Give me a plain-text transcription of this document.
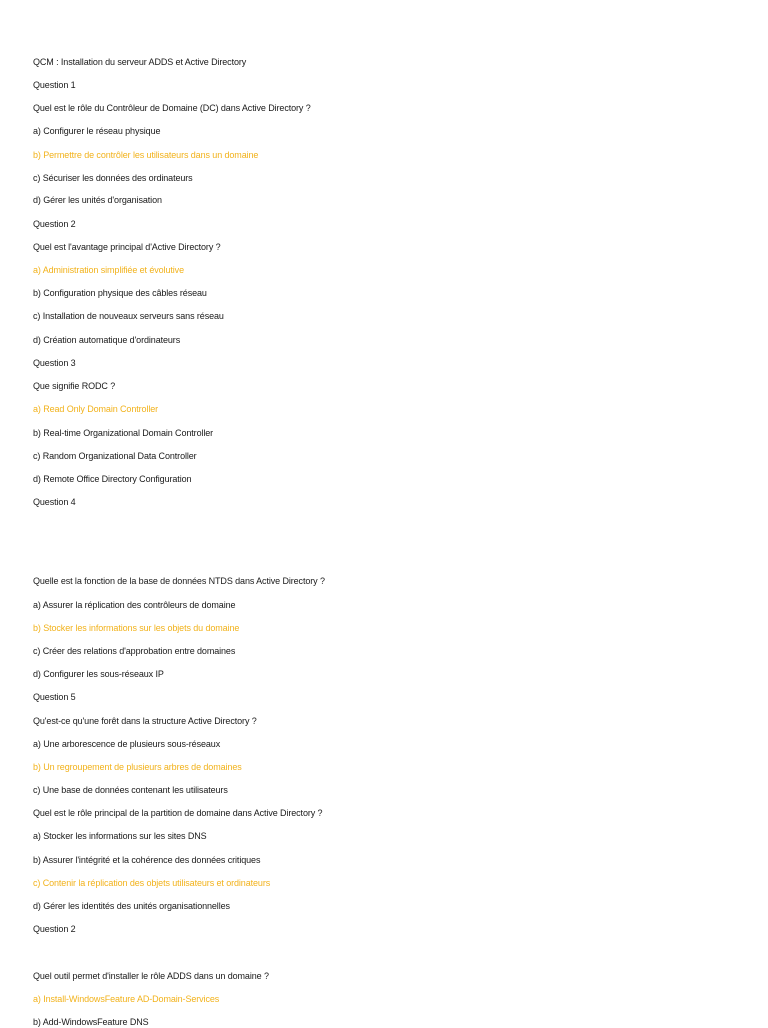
QCM : Installation du serveur ADDS et Active Directory
Question 1
Quel est le rôle du Contrôleur de Domaine (DC) dans Active Directory ?
a) Configurer le réseau physique
b) Permettre de contrôler les utilisateurs dans un domaine
c) Sécuriser les données des ordinateurs
d) Gérer les unités d'organisation
Question 2
Quel est l'avantage principal d'Active Directory ?
a) Administration simplifiée et évolutive
b) Configuration physique des câbles réseau
c) Installation de nouveaux serveurs sans réseau
d) Création automatique d'ordinateurs
Question 3
Que signifie RODC ?
a) Read Only Domain Controller
b) Real-time Organizational Domain Controller
c) Random Organizational Data Controller
d) Remote Office Directory Configuration
Question 4
Quelle est la fonction de la base de données NTDS dans Active Directory ?
a) Assurer la réplication des contrôleurs de domaine
b) Stocker les informations sur les objets du domaine
c) Créer des relations d'approbation entre domaines
d) Configurer les sous-réseaux IP
Question 5
Qu'est-ce qu'une forêt dans la structure Active Directory ?
a) Une arborescence de plusieurs sous-réseaux
b) Un regroupement de plusieurs arbres de domaines
c) Une base de données contenant les utilisateurs
Quel est le rôle principal de la partition de domaine dans Active Directory ?
a) Stocker les informations sur les sites DNS
b) Assurer l'intégrité et la cohérence des données critiques
c) Contenir la réplication des objets utilisateurs et ordinateurs
d) Gérer les identités des unités organisationnelles
Question 2
Quel outil permet d'installer le rôle ADDS dans un domaine ?
a) Install-WindowsFeature AD-Domain-Services
b) Add-WindowsFeature DNS
